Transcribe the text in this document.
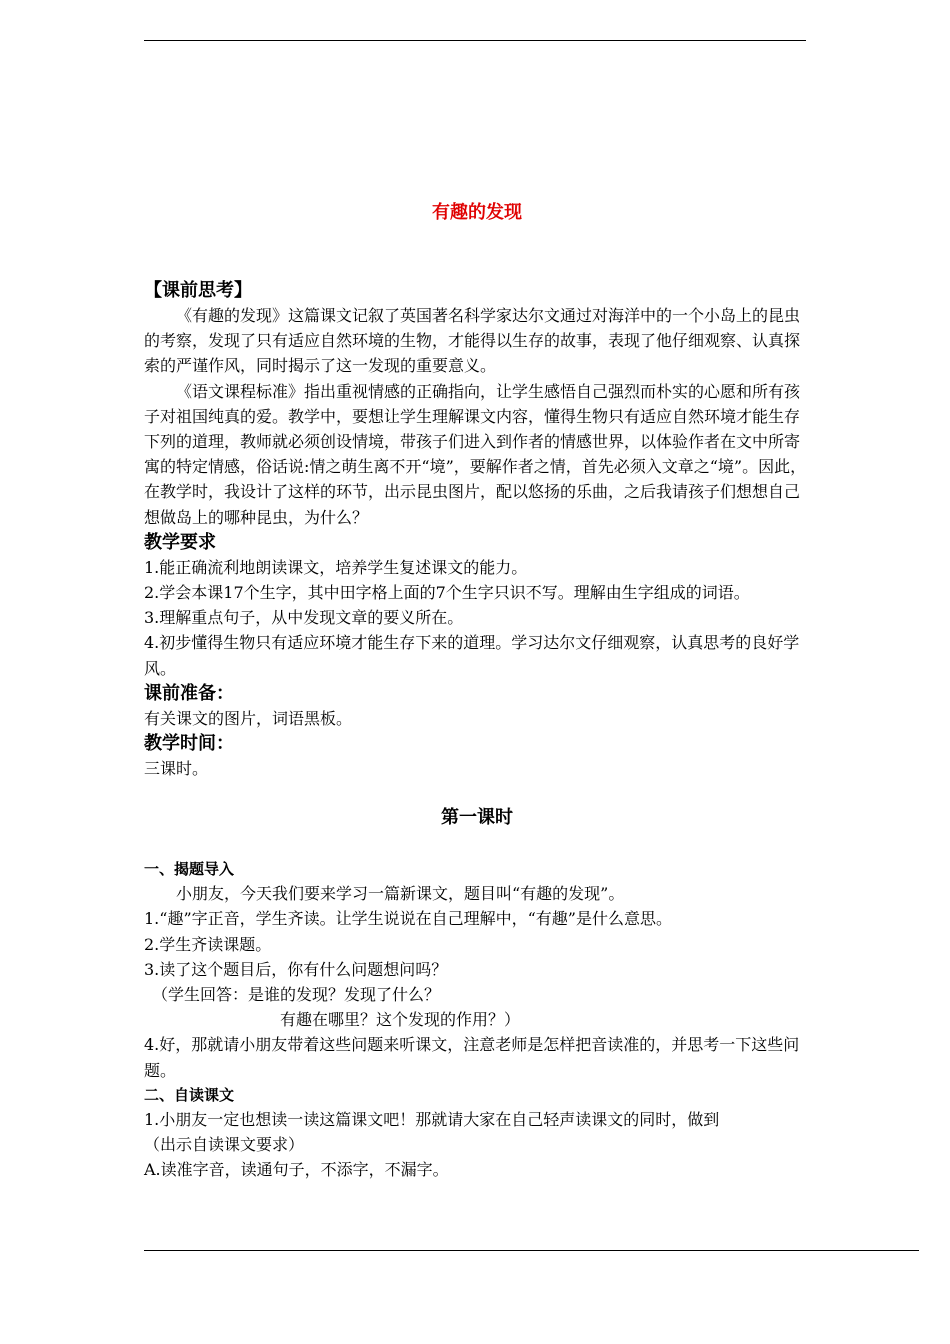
有趣的发现
【课前思考】

《有趣的发现》这篇课文记叙了英国著名科学家达尔文通过对海洋中的一个小岛上的昆虫的考察，发现了只有适应自然环境的生物，才能得以生存的故事，表现了他仔细观察、认真探索的严谨作风，同时揭示了这一发现的重要意义。

《语文课程标准》指出重视情感的正确指向，让学生感悟自己强烈而朴实的心愿和所有孩子对祖国纯真的爱。教学中，要想让学生理解课文内容，懂得生物只有适应自然环境才能生存下列的道理，教师就必须创设情境，带孩子们进入到作者的情感世界，以体验作者在文中所寄寓的特定情感，俗话说:情之萌生离不开“境”，要解作者之情，首先必须入文章之“境”。因此，在教学时，我设计了这样的环节，出示昆虫图片，配以悠扬的乐曲，之后我请孩子们想想自己想做岛上的哪种昆虫，为什么？

教学要求

1.能正确流利地朗读课文，培养学生复述课文的能力。

2.学会本课17个生字，其中田字格上面的7个生字只识不写。理解由生字组成的词语。

3.理解重点句子，从中发现文章的要义所在。

4.初步懂得生物只有适应环境才能生存下来的道理。学习达尔文仔细观察，认真思考的良好学风。

课前准备：

有关课文的图片，词语黑板。

教学时间：

三课时。

第一课时
一、揭题导入

小朋友，今天我们要来学习一篇新课文，题目叫“有趣的发现”。

1.“趣”字正音，学生齐读。让学生说说在自己理解中，“有趣”是什么意思。

2.学生齐读课题。

3.读了这个题目后，你有什么问题想问吗？

（学生回答：是谁的发现？发现了什么？

有趣在哪里？这个发现的作用？）

4.好，那就请小朋友带着这些问题来听课文，注意老师是怎样把音读准的，并思考一下这些问题。

二、自读课文

1.小朋友一定也想读一读这篇课文吧！那就请大家在自己轻声读课文的同时，做到（出示自读课文要求）

A.读准字音，读通句子，不添字，不漏字。
